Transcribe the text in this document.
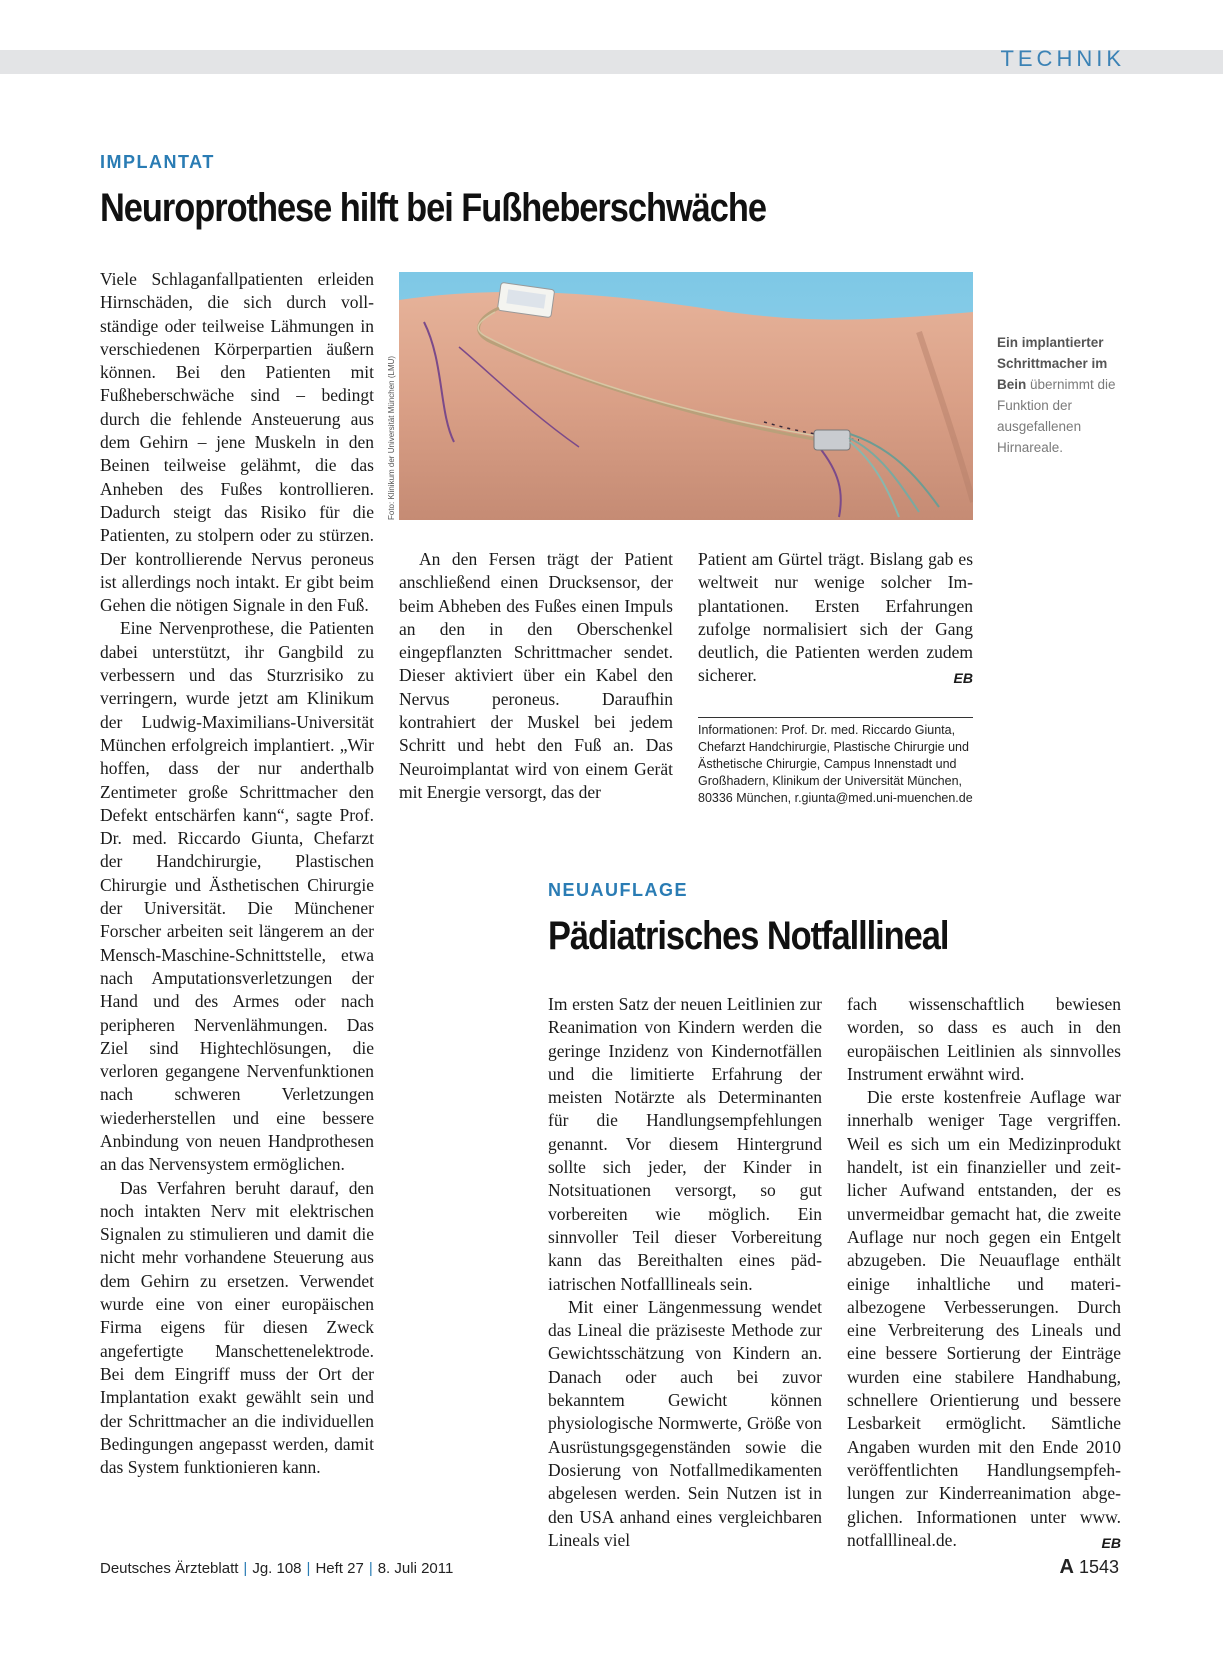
TECHNIK
IMPLANTAT
Neuroprothese hilft bei Fußheberschwäche

Viele Schlaganfallpatienten erleiden Hirnschäden, die sich durch vollständige oder teilweise Lähmungen in verschiedenen Körperpartien äußern können. Bei den Patienten mit Fußheberschwäche sind – bedingt durch die fehlende Ansteuerung aus dem Gehirn – jene Muskeln in den Beinen teilweise gelähmt, die das Anheben des Fußes kontrollieren. Dadurch steigt das Risiko für die Patienten, zu stolpern oder zu stürzen. Der kontrollierende Nervus peroneus ist allerdings noch intakt. Er gibt beim Gehen die nötigen Signale in den Fuß.

Eine Nervenprothese, die Patienten dabei unterstützt, ihr Gangbild zu verbessern und das Sturzrisiko zu verringern, wurde jetzt am Klinikum der Ludwig-Maximilians-Universität München erfolgreich implantiert. „Wir hoffen, dass der nur anderthalb Zentimeter große Schrittmacher den Defekt entschärfen kann“, sagte Prof. Dr. med. Riccardo Giunta, Chefarzt der Handchirurgie, Plastischen Chirurgie und Ästhetischen Chirurgie der Universität. Die Münchener Forscher arbeiten seit längerem an der Mensch-Maschine-Schnittstelle, etwa nach Amputationsverletzungen der Hand und des Armes oder nach peripheren Nervenlähmungen. Das Ziel sind Hightechlösungen, die verloren gegangene Nervenfunktionen nach schweren Verletzungen wiederherstellen und eine bessere Anbindung von neuen Handprothesen an das Nervensystem ermöglichen.

Das Verfahren beruht darauf, den noch intakten Nerv mit elektrischen Signalen zu stimulieren und damit die nicht mehr vorhandene Steuerung aus dem Gehirn zu ersetzen. Verwendet wurde eine von einer europäischen Firma eigens für diesen Zweck angefertigte Manschettenelektrode. Bei dem Eingriff muss der Ort der Implantation exakt gewählt sein und der Schrittmacher an die individuellen Bedingungen angepasst werden, damit das System funktionieren kann.

Foto: Klinikum der Universität München (LMU)
Ein implantierter Schrittmacher im Bein übernimmt die Funktion der ausgefallenen Hirnareale.

An den Fersen trägt der Patient anschließend einen Drucksensor, der beim Abheben des Fußes einen Impuls an den in den Oberschenkel eingepflanzten Schrittmacher sendet. Dieser aktiviert über ein Kabel den Nervus peroneus. Daraufhin kontrahiert der Muskel bei jedem Schritt und hebt den Fuß an. Das Neuroimplantat wird von einem Gerät mit Energie versorgt, das der

Patient am Gürtel trägt. Bislang gab es weltweit nur wenige solcher Implantationen. Ersten Erfahrungen zufolge normalisiert sich der Gang deutlich, die Patienten werden zudem sicherer.	EB

Informationen: Prof. Dr. med. Riccardo Giunta,
Chefarzt Handchirurgie, Plastische Chirurgie und
Ästhetische Chirurgie, Campus Innenstadt und
Großhadern, Klinikum der Universität München,
80336 München, r.giunta@med.uni-muenchen.de
NEUAUFLAGE
Pädiatrisches Notfalllineal

Im ersten Satz der neuen Leitlinien zur Reanimation von Kindern werden die geringe Inzidenz von Kindernotfällen und die limitierte Erfahrung der meisten Notärzte als Determinanten für die Handlungsempfehlungen genannt. Vor diesem Hintergrund sollte sich jeder, der Kinder in Notsituationen versorgt, so gut vorbereiten wie möglich. Ein sinnvoller Teil dieser Vorbereitung kann das Bereithalten eines pädiatrischen Notfalllineals sein.

Mit einer Längenmessung wendet das Lineal die präziseste Methode zur Gewichtsschätzung von Kindern an. Danach oder auch bei zuvor bekanntem Gewicht können physiologische Normwerte, Größe von Ausrüstungsgegenständen sowie die Dosierung von Notfallmedikamenten abgelesen werden. Sein Nutzen ist in den USA anhand eines vergleichbaren Lineals viel

fach wissenschaftlich bewiesen worden, so dass es auch in den europäischen Leitlinien als sinnvolles Instrument erwähnt wird.

Die erste kostenfreie Auflage war innerhalb weniger Tage vergriffen. Weil es sich um ein Medizinprodukt handelt, ist ein finanzieller und zeitlicher Aufwand entstanden, der es unvermeidbar gemacht hat, die zweite Auflage nur noch gegen ein Entgelt abzugeben. Die Neuauflage enthält einige inhaltliche und materialbezogene Verbesserungen. Durch eine Verbreiterung des Lineals und eine bessere Sortierung der Einträge wurden eine stabilere Handhabung, schnellere Orientierung und bessere Lesbarkeit ermöglicht. Sämtliche Angaben wurden mit den Ende 2010 veröffentlichten Handlungsempfehlungen zur Kinderreanimation abgeglichen. Informationen unter www. notfalllineal.de.	EB

Deutsches Ärzteblatt | Jg. 108 | Heft 27 | 8. Juli 2011	A 1543
